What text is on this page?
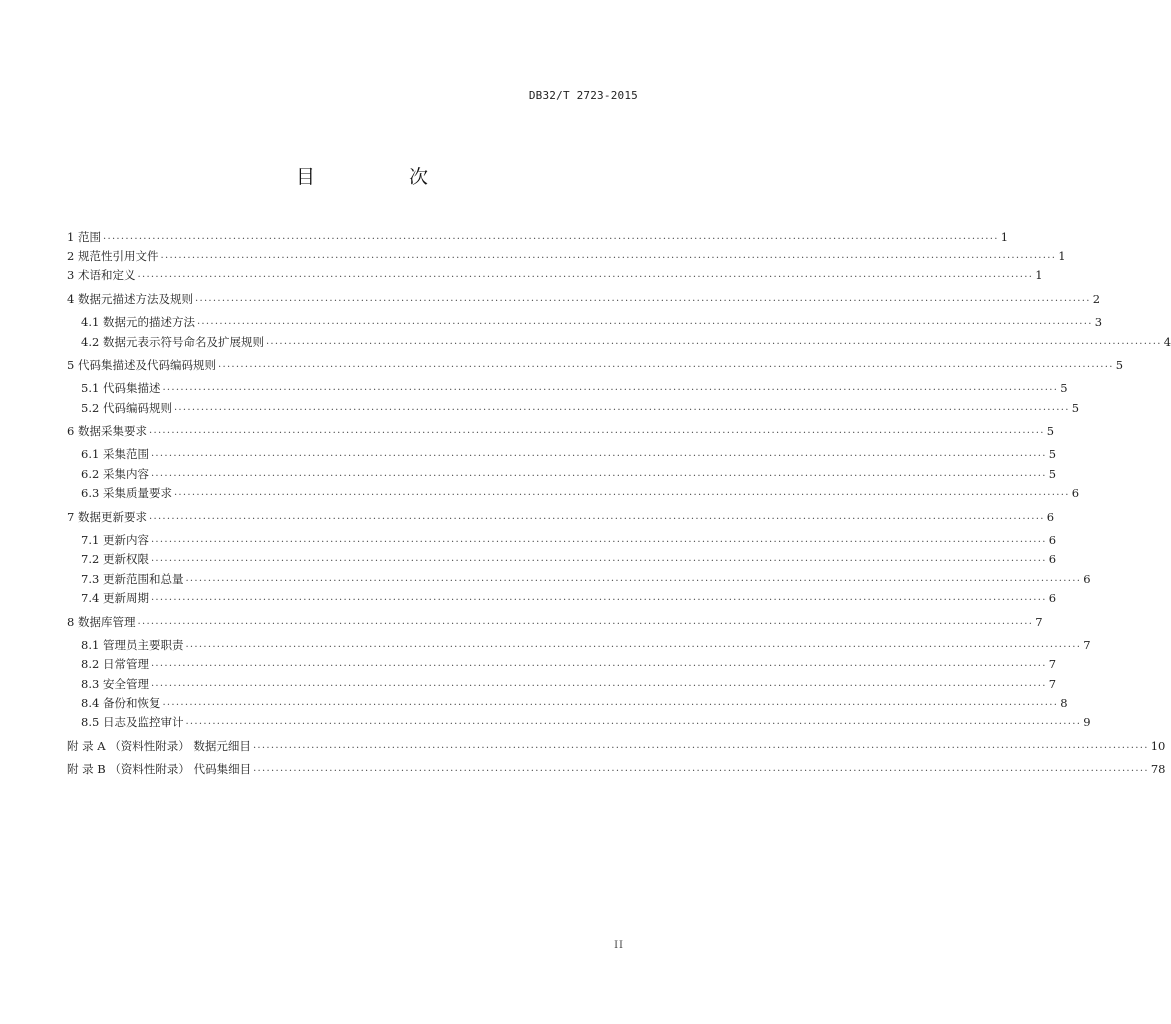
DB32/T 2723-2015
目 次
1 范围 ........................................................................................................................................................................................................ 1
2 规范性引用文件 ........................................................................................................................................................................................................ 1
3 术语和定义 ........................................................................................................................................................................................................ 1
4 数据元描述方法及规则 ........................................................................................................................................................................................................ 2
4.1 数据元的描述方法 ........................................................................................................................................................................................................ 3
4.2 数据元表示符号命名及扩展规则 ........................................................................................................................................................................................................ 4
5 代码集描述及代码编码规则 ........................................................................................................................................................................................................ 5
5.1 代码集描述 ........................................................................................................................................................................................................ 5
5.2 代码编码规则 ........................................................................................................................................................................................................ 5
6 数据采集要求 ........................................................................................................................................................................................................ 5
6.1 采集范围 ........................................................................................................................................................................................................ 5
6.2 采集内容 ........................................................................................................................................................................................................ 5
6.3 采集质量要求 ........................................................................................................................................................................................................ 6
7 数据更新要求 ........................................................................................................................................................................................................ 6
7.1 更新内容 ........................................................................................................................................................................................................ 6
7.2 更新权限 ........................................................................................................................................................................................................ 6
7.3 更新范围和总量 ........................................................................................................................................................................................................ 6
7.4 更新周期 ........................................................................................................................................................................................................ 6
8 数据库管理 ........................................................................................................................................................................................................ 7
8.1 管理员主要职责 ........................................................................................................................................................................................................ 7
8.2 日常管理 ........................................................................................................................................................................................................ 7
8.3 安全管理 ........................................................................................................................................................................................................ 7
8.4 备份和恢复 ........................................................................................................................................................................................................ 8
8.5 日志及监控审计 ........................................................................................................................................................................................................ 9
附 录 A （资料性附录） 数据元细目 ........................................................................................................................................................................................................ 10
附 录 B （资料性附录） 代码集细目 ........................................................................................................................................................................................................ 78
II
